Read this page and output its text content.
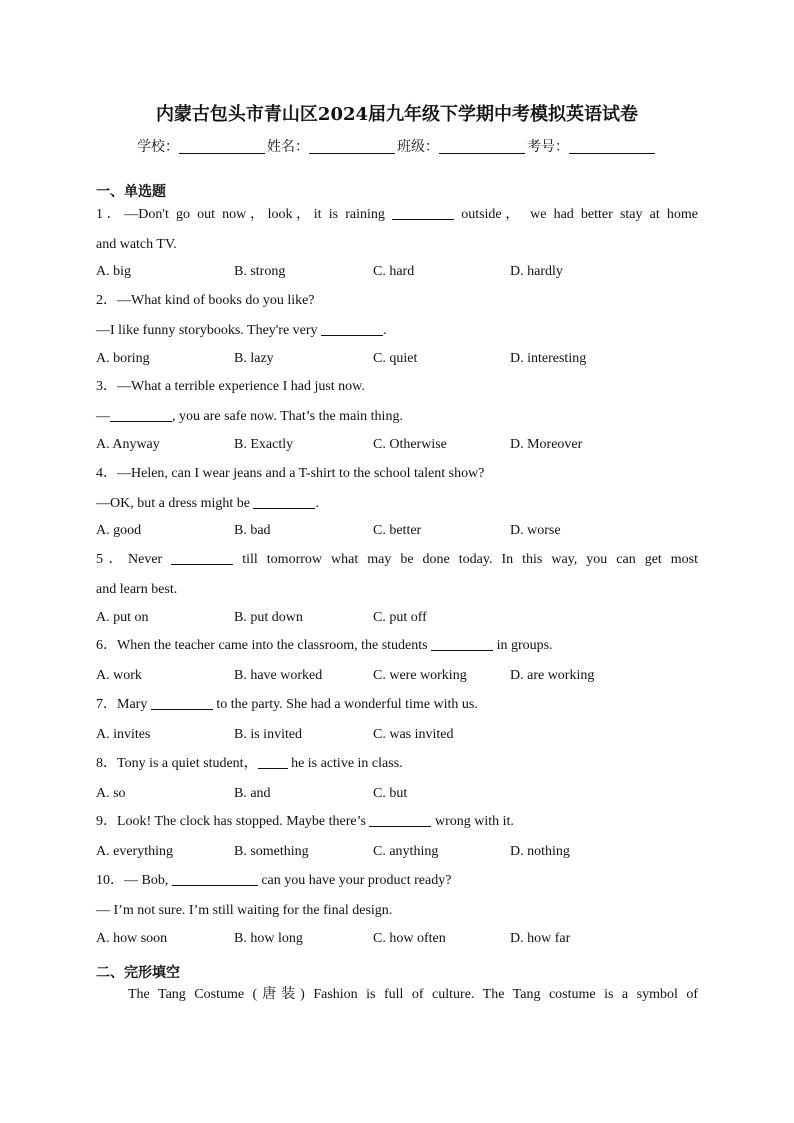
内蒙古包头市青山区2024届九年级下学期中考模拟英语试卷
学校：	姓名：	班级：	考号：
一、单选题
1．—Don't go out now，look，it is raining	outside， we had better stay at home
and watch TV.
A. big	B. strong	C. hard	D. hardly
2．—What kind of books do you like?
—I like funny storybooks. They're very	.
A. boring	B. lazy	C. quiet	D. interesting
3．—What a terrible experience I had just now.
—	, you are safe now. That’s the main thing.
A. Anyway	B. Exactly	C. Otherwise	D. Moreover
4．—Helen, can I wear jeans and a T-shirt to the school talent show?
—OK, but a dress might be	.
A. good	B. bad	C. better	D. worse
5．Never	till tomorrow what may be done today. In this way, you can get most
and learn best.
A. put on	B. put down	C. put off
6．When the teacher came into the classroom, the students	in groups.
A. work	B. have worked	C. were working	D. are working
7．Mary	to the party. She had a wonderful time with us.
A. invites	B. is invited	C. was invited
8．Tony is a quiet student， he is active in class.
A. so	B. and	C. but
9．Look! The clock has stopped. Maybe there’s	wrong with it.
A. everything	B. something	C. anything	D. nothing
10．— Bob,	can you have your product ready?
— I’m not sure. I’m still waiting for the final design.
A. how soon	B. how long	C. how often	D. how far
二、完形填空
The Tang Costume (唐装) Fashion is full of culture. The Tang costume is a symbol of
